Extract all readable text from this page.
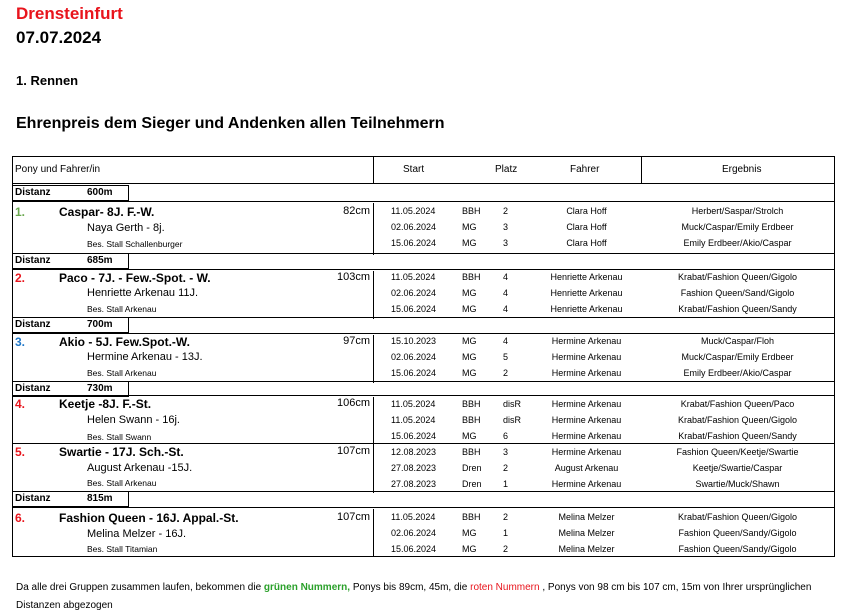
Drensteinfurt
07.07.2024
1. Rennen
Ehrenpreis dem Sieger und Andenken allen Teilnehmern
Pony und Fahrer/in	Start	Platz	Fahrer	Ergebnis
Distanz	600m
1.	Caspar- 8J. F.-W.	82cm
Naya Gerth - 8j.
Bes. Stall Schallenburger
11.05.2024	BBH 2	Clara Hoff	Herbert/Saspar/Strolch
02.06.2024	MG	3	Clara Hoff	Muck/Caspar/Emily Erdbeer
15.06.2024	MG	3	Clara Hoff	Emily Erdbeer/Akio/Caspar
Distanz	685m
2.	Paco - 7J. - Few.-Spot. - W.	103cm
Henriette Arkenau 11J.
Bes. Stall Arkenau
11.05.2024	BBH 4	Henriette Arkenau	Krabat/Fashion Queen/Gigolo
02.06.2024	MG	4	Henriette Arkenau	Fashion Queen/Sand/Gigolo
15.06.2024	MG	4	Henriette Arkenau	Krabat/Fashion Queen/Sandy
Distanz	700m
3.	Akio - 5J. Few.Spot.-W.	97cm
Hermine Arkenau - 13J.
Bes. Stall Arkenau
15.10.2023	MG	4	Hermine Arkenau	Muck/Caspar/Floh
02.06.2024	MG	5	Hermine Arkenau	Muck/Caspar/Emily Erdbeer
15.06.2024	MG	2	Hermine Arkenau	Emily Erdbeer/Akio/Caspar
Distanz	730m
4.	Keetje -8J. F.-St.	106cm
Helen Swann - 16j.
Bes. Stall Swann
11.05.2024	BBH disR	Hermine Arkenau	Krabat/Fashion Queen/Paco
11.05.2024	BBH disR	Hermine Arkenau	Krabat/Fashion Queen/Gigolo
15.06.2024	MG	6	Hermine Arkenau	Krabat/Fashion Queen/Sandy
5.	Swartie - 17J. Sch.-St.	107cm
August Arkenau -15J.
Bes. Stall Arkenau
12.08.2023	BBH 3	Hermine Arkenau	Fashion Queen/Keetje/Swartie
27.08.2023	Dren 2	August Arkenau	Keetje/Swartie/Caspar
27.08.2023	Dren 1	Hermine Arkenau	Swartie/Muck/Shawn
Distanz	815m
6.	Fashion Queen - 16J. Appal.-St.	107cm
Melina Melzer - 16J.
Bes. Stall Titamian
11.05.2024	BBH 2	Melina Melzer	Krabat/Fashion Queen/Gigolo
02.06.2024	MG	1	Melina Melzer	Fashion Queen/Sandy/Gigolo
15.06.2024	MG	2	Melina Melzer	Fashion Queen/Sandy/Gigolo
Da alle drei Gruppen zusammen laufen, bekommen die grünen Nummern, Ponys bis 89cm, 45m, die roten Nummern , Ponys von 98 cm bis 107 cm, 15m von Ihrer ursprünglichen Distanzen abgezogen
